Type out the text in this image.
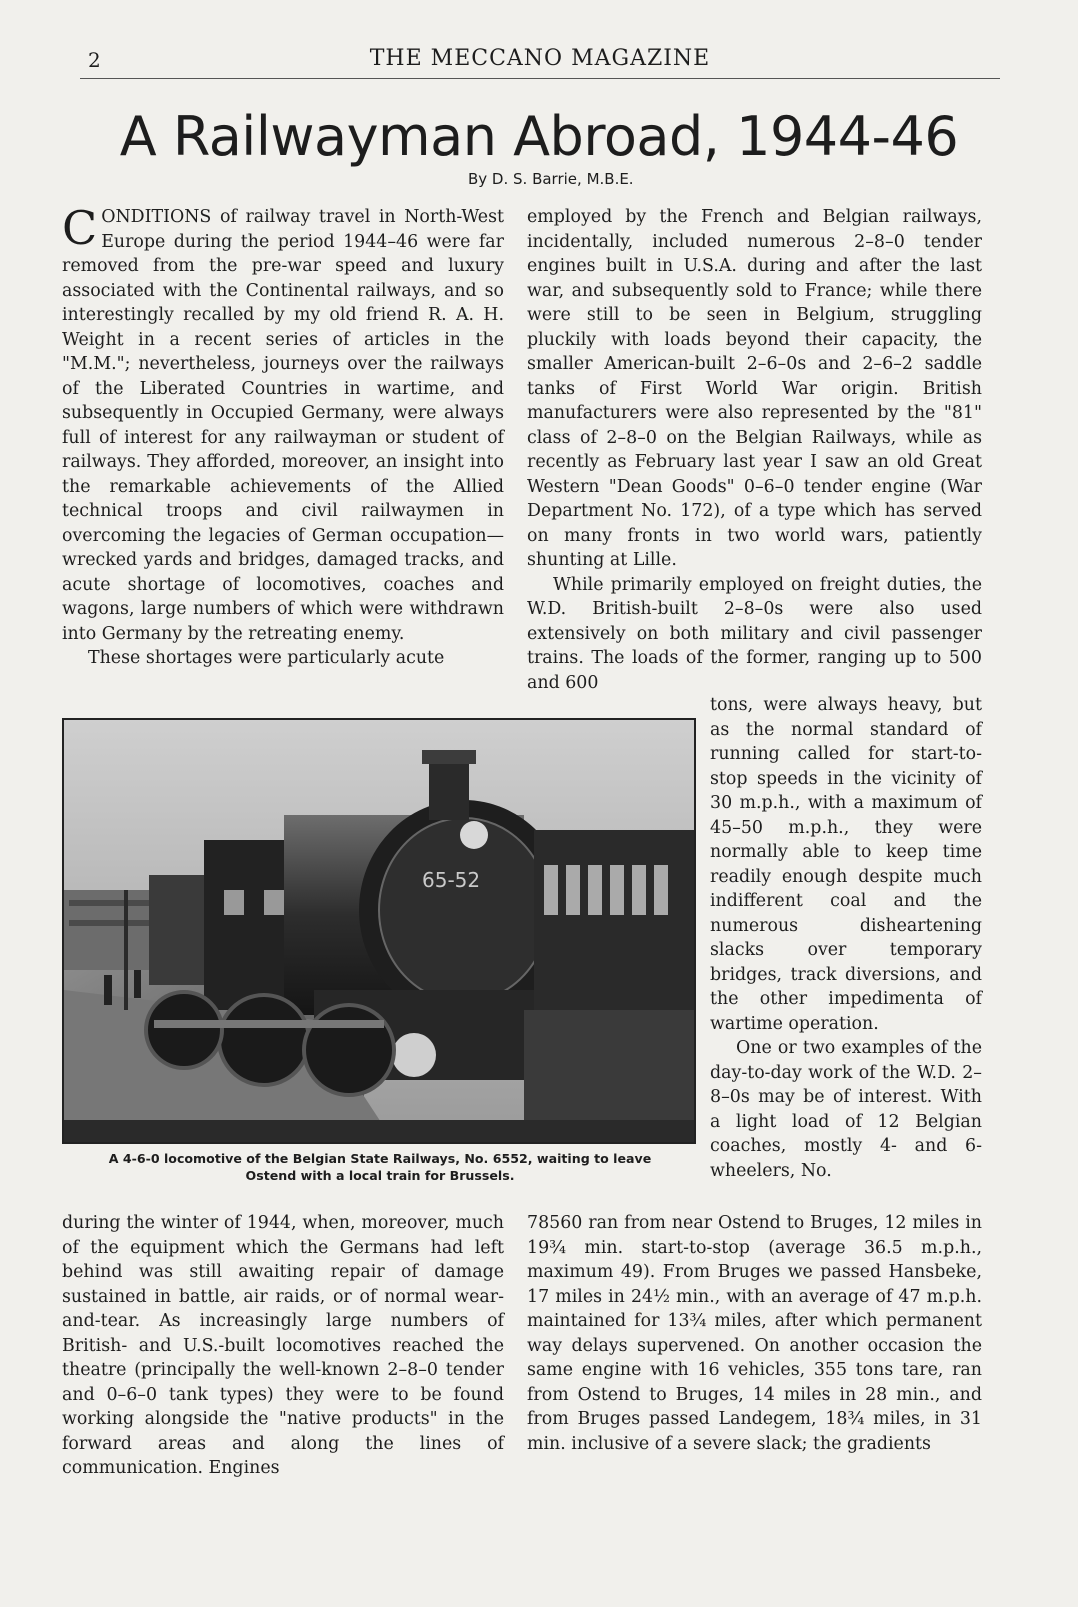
2	THE MECCANO MAGAZINE
A Railwayman Abroad, 1944-46
By D. S. Barrie, M.B.E.

CONDITIONS of railway travel in North-West Europe during the period 1944–46 were far removed from the pre-war speed and luxury associated with the Continental railways, and so interestingly recalled by my old friend R. A. H. Weight in a recent series of articles in the "M.M."; nevertheless, journeys over the railways of the Liberated Countries in wartime, and subsequently in Occupied Germany, were always full of interest for any railwayman or student of railways. They afforded, moreover, an insight into the remarkable achievements of the Allied technical troops and civil railwaymen in overcoming the legacies of German occupation—wrecked yards and bridges, damaged tracks, and acute shortage of locomotives, coaches and wagons, large numbers of which were withdrawn into Germany by the retreating enemy.

These shortages were particularly acute

employed by the French and Belgian railways, incidentally, included numerous 2–8–0 tender engines built in U.S.A. during and after the last war, and subsequently sold to France; while there were still to be seen in Belgium, struggling pluckily with loads beyond their capacity, the smaller American-built 2–6–0s and 2–6–2 saddle tanks of First World War origin. British manufacturers were also represented by the "81" class of 2–8–0 on the Belgian Railways, while as recently as February last year I saw an old Great Western "Dean Goods" 0–6–0 tender engine (War Department No. 172), of a type which has served on many fronts in two world wars, patiently shunting at Lille.

While primarily employed on freight duties, the W.D. British-built 2–8–0s were also used extensively on both military and civil passenger trains. The loads of the former, ranging up to 500 and 600

65-52
A 4-6-0 locomotive of the Belgian State Railways, No. 6552, waiting to leave
Ostend with a local train for Brussels.

tons, were always heavy, but as the normal standard of running called for start-to-stop speeds in the vicinity of 30 m.p.h., with a maximum of 45–50 m.p.h., they were normally able to keep time readily enough despite much indifferent coal and the numerous disheartening slacks over temporary bridges, track diversions, and the other impedimenta of wartime operation.

One or two examples of the day-to-day work of the W.D. 2–8–0s may be of interest. With a light load of 12 Belgian coaches, mostly 4- and 6-wheelers, No.

during the winter of 1944, when, moreover, much of the equipment which the Germans had left behind was still awaiting repair of damage sustained in battle, air raids, or of normal wear-and-tear. As increasingly large numbers of British- and U.S.-built locomotives reached the theatre (principally the well-known 2–8–0 tender and 0–6–0 tank types) they were to be found working alongside the "native products" in the forward areas and along the lines of communication. Engines

78560 ran from near Ostend to Bruges, 12 miles in 19¾ min. start-to-stop (average 36.5 m.p.h., maximum 49). From Bruges we passed Hansbeke, 17 miles in 24½ min., with an average of 47 m.p.h. maintained for 13¾ miles, after which permanent way delays supervened. On another occasion the same engine with 16 vehicles, 355 tons tare, ran from Ostend to Bruges, 14 miles in 28 min., and from Bruges passed Landegem, 18¾ miles, in 31 min. inclusive of a severe slack; the gradients
